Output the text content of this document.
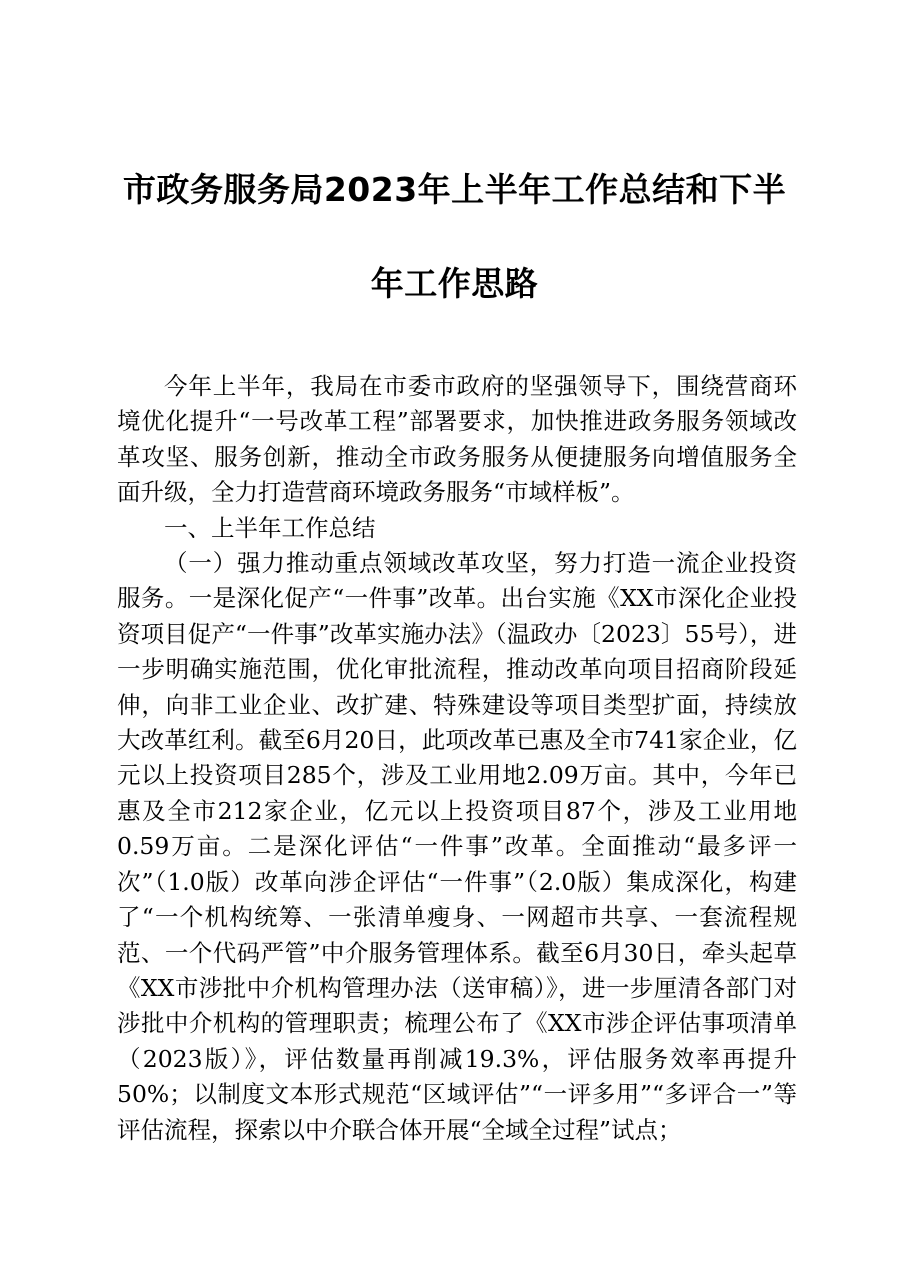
市政务服务局2023年上半年工作总结和下半
年工作思路

今年上半年，我局在市委市政府的坚强领导下，围绕营商环境优化提升“一号改革工程”部署要求，加快推进政务服务领域改革攻坚、服务创新，推动全市政务服务从便捷服务向增值服务全面升级，全力打造营商环境政务服务“市域样板”。

一、上半年工作总结

（一）强力推动重点领域改革攻坚，努力打造一流企业投资服务。一是深化促产“一件事”改革。出台实施《XX市深化企业投资项目促产“一件事”改革实施办法》（温政办〔2023〕55号），进一步明确实施范围，优化审批流程，推动改革向项目招商阶段延伸，向非工业企业、改扩建、特殊建设等项目类型扩面，持续放大改革红利。截至6月20日，此项改革已惠及全市741家企业，亿元以上投资项目285个，涉及工业用地2.09万亩。其中，今年已惠及全市212家企业，亿元以上投资项目87个，涉及工业用地0.59万亩。二是深化评估“一件事”改革。全面推动“最多评一次”（1.0版）改革向涉企评估“一件事”（2.0版）集成深化，构建了“一个机构统筹、一张清单瘦身、一网超市共享、一套流程规范、一个代码严管”中介服务管理体系。截至6月30日，牵头起草《XX市涉批中介机构管理办法（送审稿）》，进一步厘清各部门对涉批中介机构的管理职责；梳理公布了《XX市涉企评估事项清单（2023版）》，评估数量再削减19.3%，评估服务效率再提升50%；以制度文本形式规范“区域评估”“一评多用”“多评合一”等评估流程，探索以中介联合体开展“全域全过程”试点；
